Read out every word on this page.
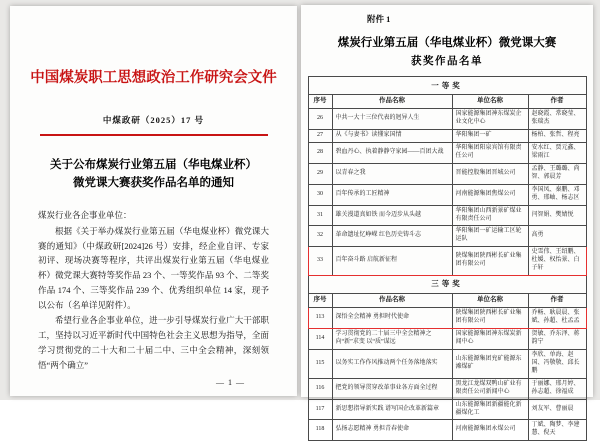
中国煤炭职工思想政治工作研究会文件
中煤政研（2025）17 号
关于公布煤炭行业第五届（华电煤业杯）
微党课大赛获奖作品名单的通知

煤炭行业各企事业单位：

根据《关于举办煤炭行业第五届（华电煤业杯）微党课大赛的通知》（中煤政研[2024]26 号）安排，经企业自评、专家初评、现场决赛等程序，共评出煤炭行业第五届（华电煤业杯）微党课大赛特等奖作品 23 个、一等奖作品 93 个、二等奖作品 174 个、三等奖作品 239 个、优秀组织单位 14 家，现予以公布（名单详见附件）。

希望行业各企事业单位，进一步引导煤炭行业广大干部职工，坚持以习近平新时代中国特色社会主义思想为指导，全面学习贯彻党的二十大和二十届二中、三中全会精神，深刻领悟“两个确立”

— 1 —
附件 1
煤炭行业第五届（华电煤业杯）微党课大赛
获奖作品名单
一等奖			
序号	作品名称	单位名称	作者
26	中共一大十三位代表的迥异人生	国家能源集团神东煤炭企业文化中心	赵晓霞、常晓莹、张瑞杰
27	从《与妻书》读懂家国情	华阳集团一矿	杨柏、张哲、程亮
28	碧血丹心、执着静静守家园——百团大战	华阳集团阳泉宾馆有限责任公司	安水红、贾元鑫、梁雨江
29	以青春之我	晋能控股集团晋城公司	孟静、王璐璐、尚智、郭晨芳
30	百年传承的工匠精神	河南能源集团焦煤公司	李国凤、秦鹏、邓勇、邢岫、杨志区
31	雄关漫道真如铁 而今迈步从头越	华阳集团山西新景矿煤业有限责任公司	闫智娟、樊婧悦
32	革命遗址忆峥嵘 红色历史铸斗志	华阳集团一矿运输工区轮运队	高勇
33	百年奋斗路 启航新征程	陕煤集团陕西彬长矿业集团有限公司	史雪伟、王绍鹏、杜媛、权怡景、白子轩
三等奖			
序号	作品名称	单位名称	作者
113	深悟全会精神 勇担时代使命	陕煤集团陕西彬长矿业集团有限公司	乔畅、耿晨晨、张斌、孙超、杜孟孟
114	学习贯彻党的二十届三中全会精神之 向“新”求变 以“质”谋远	国家能源集团神东煤炭新闻中心	贺敏、乔东泽、蒋韵宁
115	以务实工作作风推动两个任务落地落实	山东能源集团兖矿能源东滩煤矿	李欣、单海、赵国、冯敬敬、邱长鹏
116	把党的领导贯穿改革事业各方面全过程	黑龙江龙煤双鸭山矿业有限责任公司新闻中心	于丽娜、邢月婷、孙志超、徐福成
117	新思想指导新实践 谱写国企改革新篇章	山东能源集团新疆能化新疆煤化工	刘友军、曹丽晨
118	弘扬志愿精神 勇担青春使命	河南能源集团永煤公司	丁斌、陶梦、李建慧、倪天
